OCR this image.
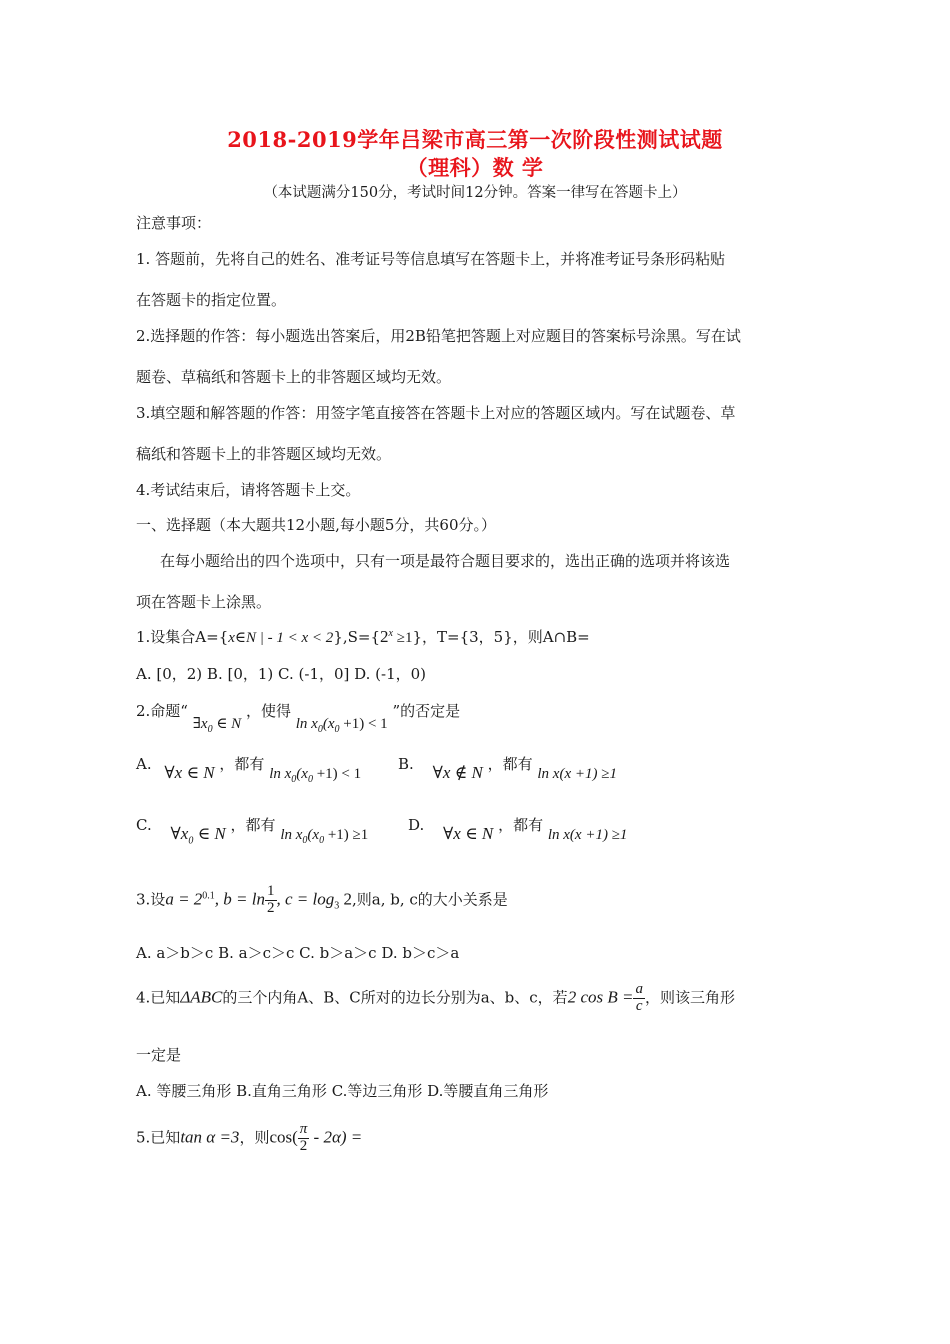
2018-2019学年吕梁市高三第一次阶段性测试试题
（理科）数 学
（本试题满分150分，考试时间12分钟。答案一律写在答题卡上）
注意事项：
1. 答题前，先将自己的姓名、准考证号等信息填写在答题卡上，并将准考证号条形码粘贴
在答题卡的指定位置。
2.选择题的作答：每小题选出答案后，用2B铅笔把答题上对应题目的答案标号涂黑。写在试
题卷、草稿纸和答题卡上的非答题区域均无效。
3.填空题和解答题的作答：用签字笔直接答在答题卡上对应的答题区域内。写在试题卷、草
稿纸和答题卡上的非答题区域均无效。
4.考试结束后，请将答题卡上交。
一、选择题（本大题共12小题,每小题5分，共60分。）
在每小题给出的四个选项中，只有一项是最符合题目要求的，选出正确的选项并将该选
项在答题卡上涂黑。
1.设集合A={x∈N | - $1 < x < 2\},S=\{2^x \ge 1\}$，T={3，5}，则A∩B=
A. [0，2) B. [0，1) C. (-1，0] D. (-1，0)
2.命题“ $\exists x_0$ ∈ N ，使得 $\ln x_0(x_0 +1) < 1$ ”的否定是
A. ∀x ∈ N ，都有 $\ln x_0(x_0 +1) < 1$
B. ∀x ∉ N ，都有 ln x(x +1) ≥1
C. $\forall x_0$ ∈ N ，都有 $\ln x_0(x_0 +1) \ge 1$
D. ∀x ∈ N ，都有 ln x(x +1) ≥1
3.设$a = 2^{0.1}$, $b = \ln \frac{1}{2}$ , $c = \log_3 2$,则a, b, c的大小关系是
A. a＞b＞c B. a＞c＞c C. b＞a＞c D. b＞c＞a
4.已知ΔABC的三个内角A、B、C所对的边长分别为a、b、c，若2 $\cos B = \frac{a}{c}$ ，则该三角形
一定是
A. 等腰三角形 B.直角三角形 C.等边三角形 D.等腰直角三角形
5.已知tan α =3，则$\cos( \frac{\pi}{2} - 2\alpha)$ =
